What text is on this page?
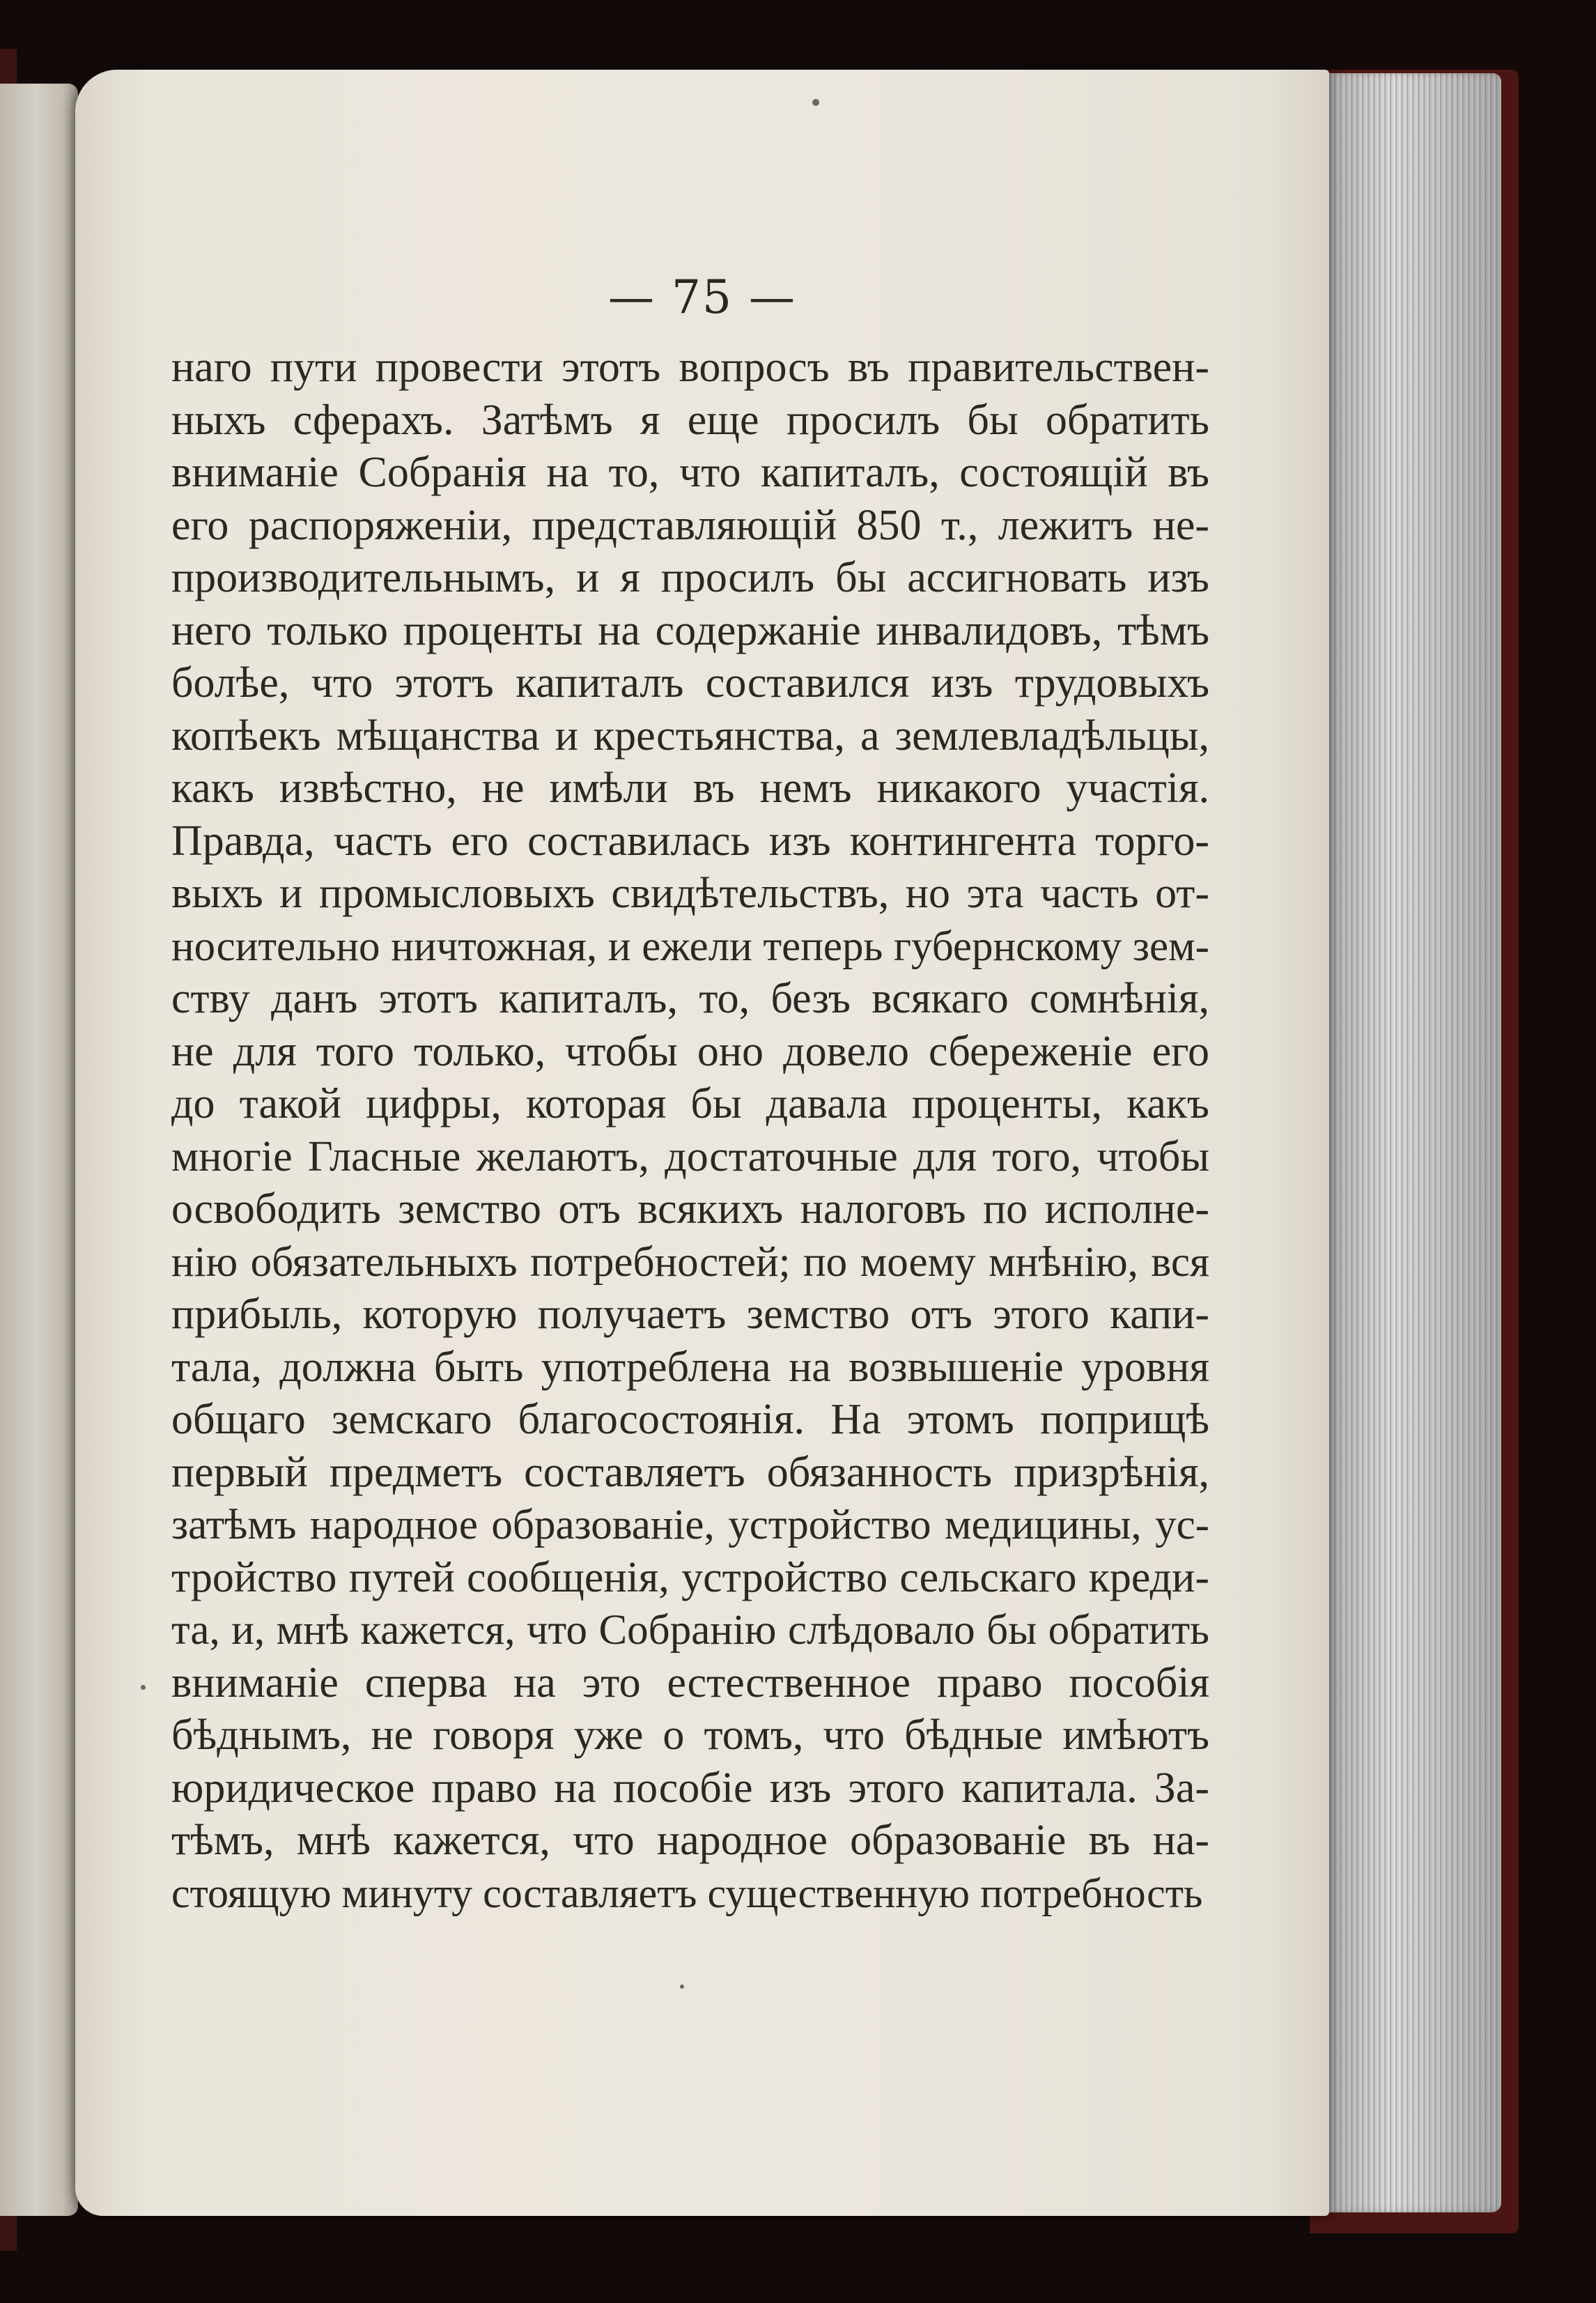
— 75 —
наго пути провести этотъ вопросъ въ правительствен-
ныхъ сферахъ. Затѣмъ я еще просилъ бы обратить
вниманіе Собранія на то, что капиталъ, состоящій въ
его распоряженіи, представляющій 850 т., лежитъ не-
производительнымъ, и я просилъ бы ассигновать изъ
него только проценты на содержаніе инвалидовъ, тѣмъ
болѣе, что этотъ капиталъ составился изъ трудовыхъ
копѣекъ мѣщанства и крестьянства, а землевладѣльцы,
какъ извѣстно, не имѣли въ немъ никакого участія.
Правда, часть его составилась изъ контингента торго-
выхъ и промысловыхъ свидѣтельствъ, но эта часть от-
носительно ничтожная, и ежели теперь губернскому зем-
ству данъ этотъ капиталъ, то, безъ всякаго сомнѣнія,
не для того только, чтобы оно довело сбереженіе его
до такой цифры, которая бы давала проценты, какъ
многіе Гласные желаютъ, достаточные для того, чтобы
освободить земство отъ всякихъ налоговъ по исполне-
нію обязательныхъ потребностей; по моему мнѣнію, вся
прибыль, которую получаетъ земство отъ этого капи-
тала, должна быть употреблена на возвышеніе уровня
общаго земскаго благосостоянія. На этомъ поприщѣ
первый предметъ составляетъ обязанность призрѣнія,
затѣмъ народное образованіе, устройство медицины, ус-
тройство путей сообщенія, устройство сельскаго креди-
та, и, мнѣ кажется, что Собранію слѣдовало бы обратить
вниманіе сперва на это естественное право пособія
бѣднымъ, не говоря уже о томъ, что бѣдные имѣютъ
юридическое право на пособіе изъ этого капитала. За-
тѣмъ, мнѣ кажется, что народное образованіе въ на-
стоящую минуту составляетъ существенную потребность
